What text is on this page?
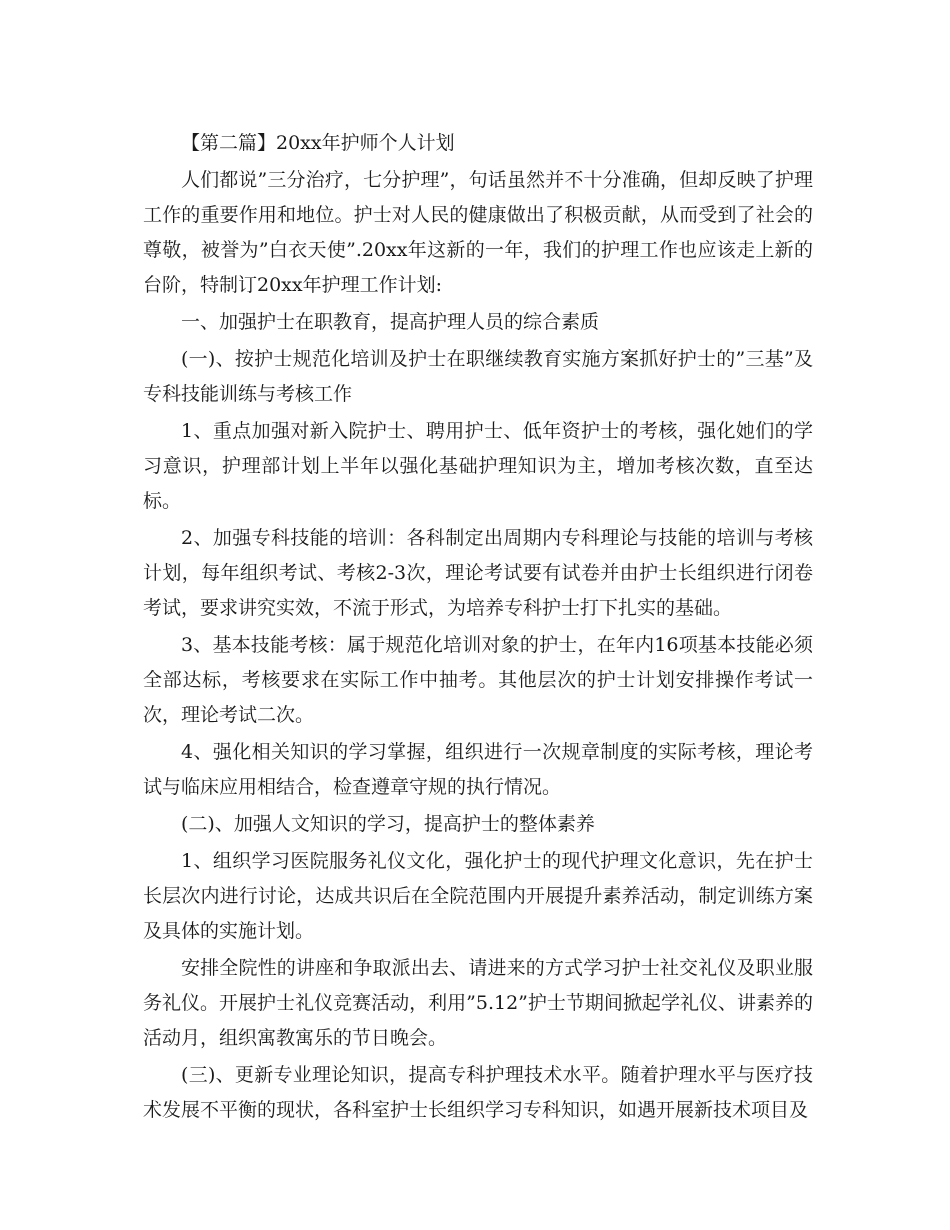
【第二篇】20xx年护师个人计划

人们都说”三分治疗，七分护理”，句话虽然并不十分准确，但却反映了护理工作的重要作用和地位。护士对人民的健康做出了积极贡献，从而受到了社会的尊敬，被誉为”白衣天使”.20xx年这新的一年，我们的护理工作也应该走上新的台阶，特制订20xx年护理工作计划:

一、加强护士在职教育，提高护理人员的综合素质

(一)、按护士规范化培训及护士在职继续教育实施方案抓好护士的”三基”及专科技能训练与考核工作

1、重点加强对新入院护士、聘用护士、低年资护士的考核，强化她们的学习意识，护理部计划上半年以强化基础护理知识为主，增加考核次数，直至达标。

2、加强专科技能的培训：各科制定出周期内专科理论与技能的培训与考核计划，每年组织考试、考核2-3次，理论考试要有试卷并由护士长组织进行闭卷考试，要求讲究实效，不流于形式，为培养专科护士打下扎实的基础。

3、基本技能考核：属于规范化培训对象的护士，在年内16项基本技能必须全部达标，考核要求在实际工作中抽考。其他层次的护士计划安排操作考试一次，理论考试二次。

4、强化相关知识的学习掌握，组织进行一次规章制度的实际考核，理论考试与临床应用相结合，检查遵章守规的执行情况。

(二)、加强人文知识的学习，提高护士的整体素养

1、组织学习医院服务礼仪文化，强化护士的现代护理文化意识，先在护士长层次内进行讨论，达成共识后在全院范围内开展提升素养活动，制定训练方案及具体的实施计划。

安排全院性的讲座和争取派出去、请进来的方式学习护士社交礼仪及职业服务礼仪。开展护士礼仪竞赛活动，利用”5.12”护士节期间掀起学礼仪、讲素养的活动月，组织寓教寓乐的节日晚会。

(三)、更新专业理论知识，提高专科护理技术水平。随着护理水平与医疗技术发展不平衡的现状，各科室护士长组织学习专科知识，如遇开展新技术项目及
